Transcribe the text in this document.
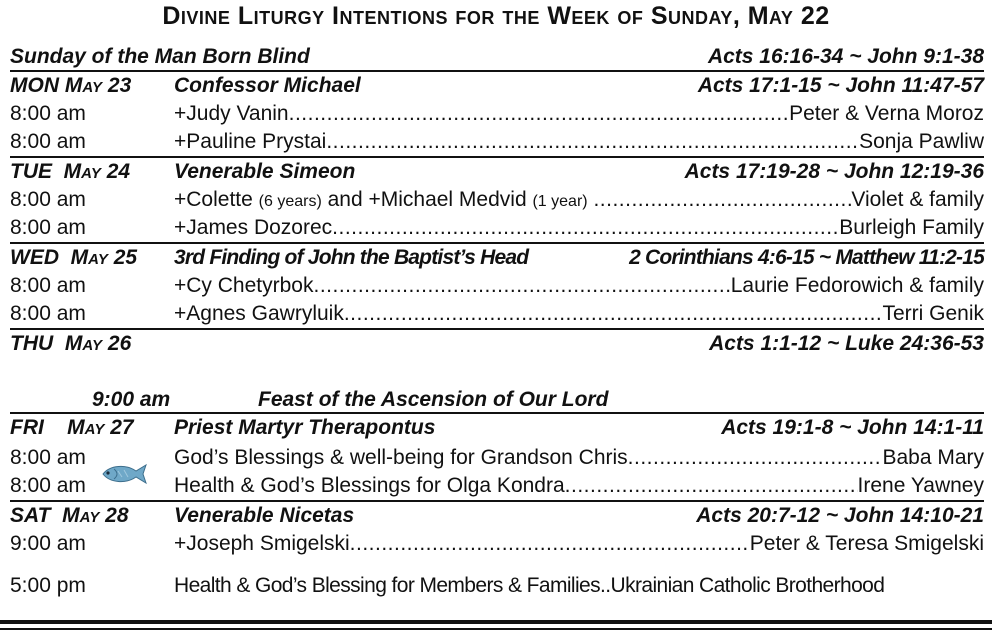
Divine Liturgy Intentions for the Week of Sunday, May 22
Sunday of the Man Born Blind	Acts 16:16-34 ~ John 9:1-38
MON May 23 Confessor Michael	Acts 17:1-15 ~ John 11:47-57
8:00 am	+Judy Vanin .....	Peter & Verna Moroz
8:00 am	+Pauline Prystai .....	Sonja Pawliw
TUE May 24 Venerable Simeon	Acts 17:19-28 ~ John 12:19-36
8:00 am	+Colette (6 years) and +Michael Medvid (1 year) .....	Violet & family
8:00 am	+James Dozorec .....	Burleigh Family
WED May 25 3rd Finding of John the Baptist’s Head	2 Corinthians 4:6-15 ~ Matthew 11:2-15
8:00 am	+Cy Chetyrbok .....	Laurie Fedorowich & family
8:00 am	+Agnes Gawryluik .....	Terri Genik
THU May 26	Acts 1:1-12 ~ Luke 24:36-53
9:00 am	Feast of the Ascension of Our Lord
FRI May 27 Priest Martyr Therapontus	Acts 19:1-8 ~ John 14:1-11
8:00 am	God’s Blessings & well-being for Grandson Chris .....	Baba Mary
8:00 am	Health & God’s Blessings for Olga Kondra .....	Irene Yawney
SAT May 28 Venerable Nicetas	Acts 20:7-12 ~ John 14:10-21
9:00 am	+Joseph Smigelski .....	Peter & Teresa Smigelski
5:00 pm	Health & God’s Blessing for Members & Families .. Ukrainian Catholic Brotherhood
